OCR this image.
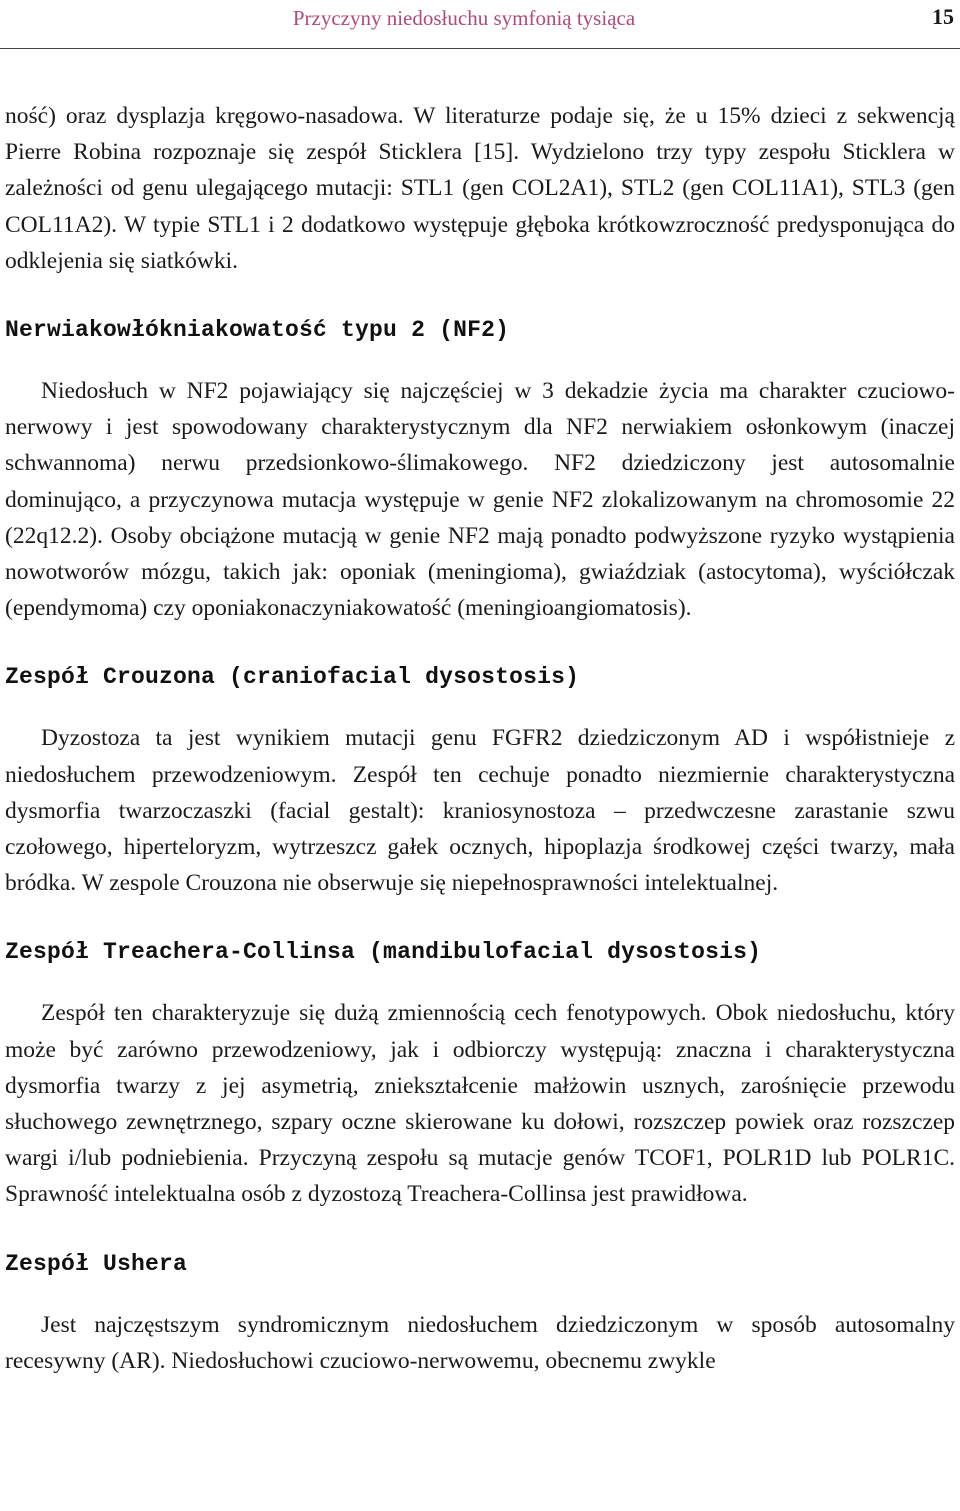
Przyczyny niedosłuchu symfonią tysiąca	15

ność) oraz dysplazja kręgowo-nasadowa. W literaturze podaje się, że u 15% dzieci z sekwencją Pierre Robina rozpoznaje się zespół Sticklera [15]. Wydzielono trzy typy zespołu Sticklera w zależności od genu ulegającego mutacji: STL1 (gen COL2A1), STL2 (gen COL11A1), STL3 (gen COL11A2). W typie STL1 i 2 dodatkowo występuje głęboka krótkowzroczność predysponująca do odklejenia się siatkówki.

Nerwiakowłókniakowatość typu 2 (NF2)

Niedosłuch w NF2 pojawiający się najczęściej w 3 dekadzie życia ma charakter czuciowo-nerwowy i jest spowodowany charakterystycznym dla NF2 nerwiakiem osłonkowym (inaczej schwannoma) nerwu przedsionkowo-ślimakowego. NF2 dziedziczony jest autosomalnie dominująco, a przyczynowa mutacja występuje w genie NF2 zlokalizowanym na chromosomie 22 (22q12.2). Osoby obciążone mutacją w genie NF2 mają ponadto podwyższone ryzyko wystąpienia nowotworów mózgu, takich jak: oponiak (meningioma), gwiaździak (astocytoma), wyściółczak (ependymoma) czy oponiakonaczyniakowatość (meningioangiomatosis).

Zespół Crouzona (craniofacial dysostosis)

Dyzostoza ta jest wynikiem mutacji genu FGFR2 dziedziczonym AD i współistnieje z niedosłuchem przewodzeniowym. Zespół ten cechuje ponadto niezmiernie charakterystyczna dysmorfia twarzoczaszki (facial gestalt): kraniosynostoza – przedwczesne zarastanie szwu czołowego, hiperteloryzm, wytrzeszcz gałek ocznych, hipoplazja środkowej części twarzy, mała bródka. W zespole Crouzona nie obserwuje się niepełnosprawności intelektualnej.

Zespół Treachera-Collinsa (mandibulofacial dysostosis)

Zespół ten charakteryzuje się dużą zmiennością cech fenotypowych. Obok niedosłuchu, który może być zarówno przewodzeniowy, jak i odbiorczy występują: znaczna i charakterystyczna dysmorfia twarzy z jej asymetrią, zniekształcenie małżowin usznych, zarośnięcie przewodu słuchowego zewnętrznego, szpary oczne skierowane ku dołowi, rozszczep powiek oraz rozszczep wargi i/lub podniebienia. Przyczyną zespołu są mutacje genów TCOF1, POLR1D lub POLR1C. Sprawność intelektualna osób z dyzostozą Treachera-Collinsa jest prawidłowa.

Zespół Ushera

Jest najczęstszym syndromicznym niedosłuchem dziedziczonym w sposób autosomalny recesywny (AR). Niedosłuchowi czuciowo-nerwowemu, obecnemu zwykle
